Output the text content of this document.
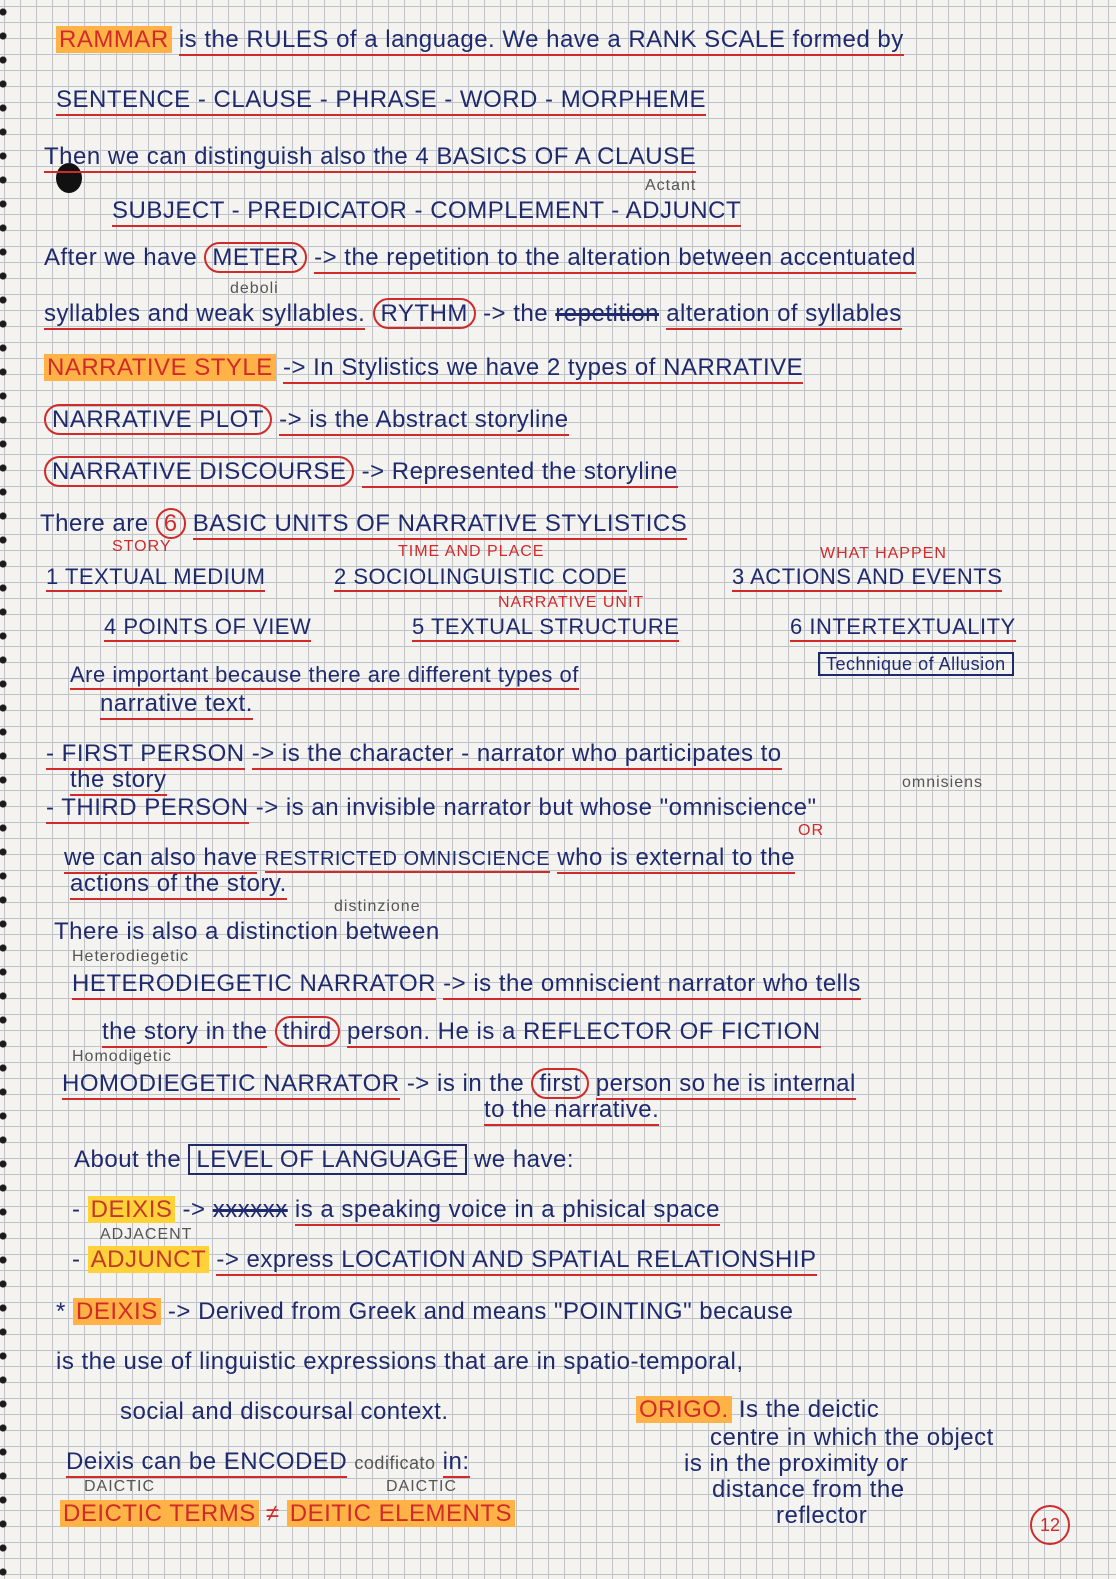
RAMMAR is the RULES of a language. We have a RANK SCALE formed by
SENTENCE - CLAUSE - PHRASE - WORD - MORPHEME
Then we can distinguish also the 4 BASICS OF A CLAUSE
Actant
SUBJECT - PREDICATOR - COMPLEMENT - ADJUNCT
After we have METER -> the repetition to the alteration between accentuated
deboli
syllables and weak syllables. RYTHM -> the repetition alteration of syllables
NARRATIVE STYLE -> In Stylistics we have 2 types of NARRATIVE
NARRATIVE PLOT -> is the Abstract storyline
NARRATIVE DISCOURSE -> Represented the storyline
There are 6 BASIC UNITS OF NARRATIVE STYLISTICS
STORY	TIME AND PLACE	WHAT HAPPEN
1 TEXTUAL MEDIUM	2 SOCIOLINGUISTIC CODE	3 ACTIONS AND EVENTS
NARRATIVE UNIT
4 POINTS OF VIEW	5 TEXTUAL STRUCTURE	6 INTERTEXTUALITY
Are important because there are different types of	Technique of Allusion
narrative text.
- FIRST PERSON -> is the character - narrator who participates to
the story	omnisiens
- THIRD PERSON -> is an invisible narrator but whose "omniscience"
OR
we can also have RESTRICTED OMNISCIENCE who is external to the
actions of the story.
distinzione
There is also a distinction between
Heterodiegetic
HETERODIEGETIC NARRATOR -> is the omniscient narrator who tells
the story in the third person. He is a REFLECTOR OF FICTION
Homodigetic
HOMODIEGETIC NARRATOR -> is in the first person so he is internal
to the narrative.
About the LEVEL OF LANGUAGE we have:
- DEIXIS -> xxxxxx is a speaking voice in a phisical space
ADJACENT
- ADJUNCT -> express LOCATION AND SPATIAL RELATIONSHIP
* DEIXIS -> Derived from Greek and means "POINTING" because
is the use of linguistic expressions that are in spatio-temporal,
social and discoursal context.	ORIGO. Is the deictic
centre in which the object
Deixis can be ENCODED codificato in:	is in the proximity or
DAICTIC	DAICTIC	distance from the
DEICTIC TERMS ≠ DEITIC ELEMENTS	reflector	12
